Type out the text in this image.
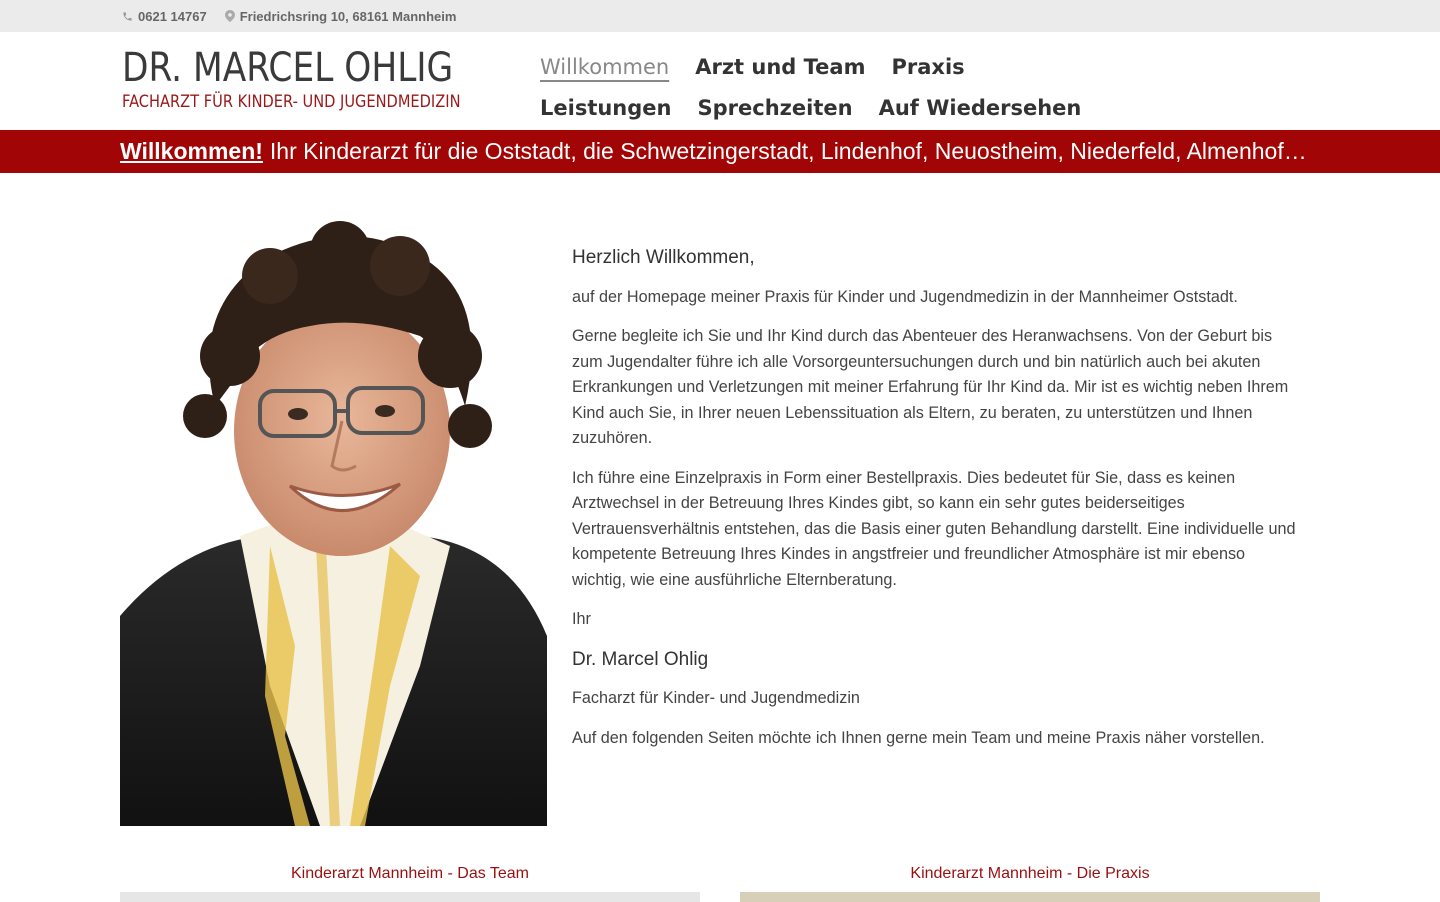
0621 14767	Friedrichsring 10, 68161 Mannheim
DR. MARCEL OHLIG
FACHARZT FÜR KINDER- UND JUGENDMEDIZIN
Willkommen Arzt und Team Praxis
Leistungen Sprechzeiten Auf Wiedersehen
Willkommen! Ihr Kinderarzt für die Oststadt, die Schwetzingerstadt, Lindenhof, Neuostheim, Niederfeld, Almenhof…

Herzlich Willkommen,

auf der Homepage meiner Praxis für Kinder und Jugendmedizin in der Mannheimer Oststadt.

Gerne begleite ich Sie und Ihr Kind durch das Abenteuer des Heranwachsens. Von der Geburt bis zum Jugendalter führe ich alle Vorsorgeuntersuchungen durch und bin natürlich auch bei akuten Erkrankungen und Verletzungen mit meiner Erfahrung für Ihr Kind da. Mir ist es wichtig neben Ihrem Kind auch Sie, in Ihrer neuen Lebenssituation als Eltern, zu beraten, zu unterstützen und Ihnen zuzuhören.

Ich führe eine Einzelpraxis in Form einer Bestellpraxis. Dies bedeutet für Sie, dass es keinen Arztwechsel in der Betreuung Ihres Kindes gibt, so kann ein sehr gutes beiderseitiges Vertrauensverhältnis entstehen, das die Basis einer guten Behandlung darstellt. Eine individuelle und kompetente Betreuung Ihres Kindes in angstfreier und freundlicher Atmosphäre ist mir ebenso wichtig, wie eine ausführliche Elternberatung.

Ihr

Dr. Marcel Ohlig

Facharzt für Kinder- und Jugendmedizin

Auf den folgenden Seiten möchte ich Ihnen gerne mein Team und meine Praxis näher vorstellen.

Kinderarzt Mannheim - Das Team	Kinderarzt Mannheim - Die Praxis
